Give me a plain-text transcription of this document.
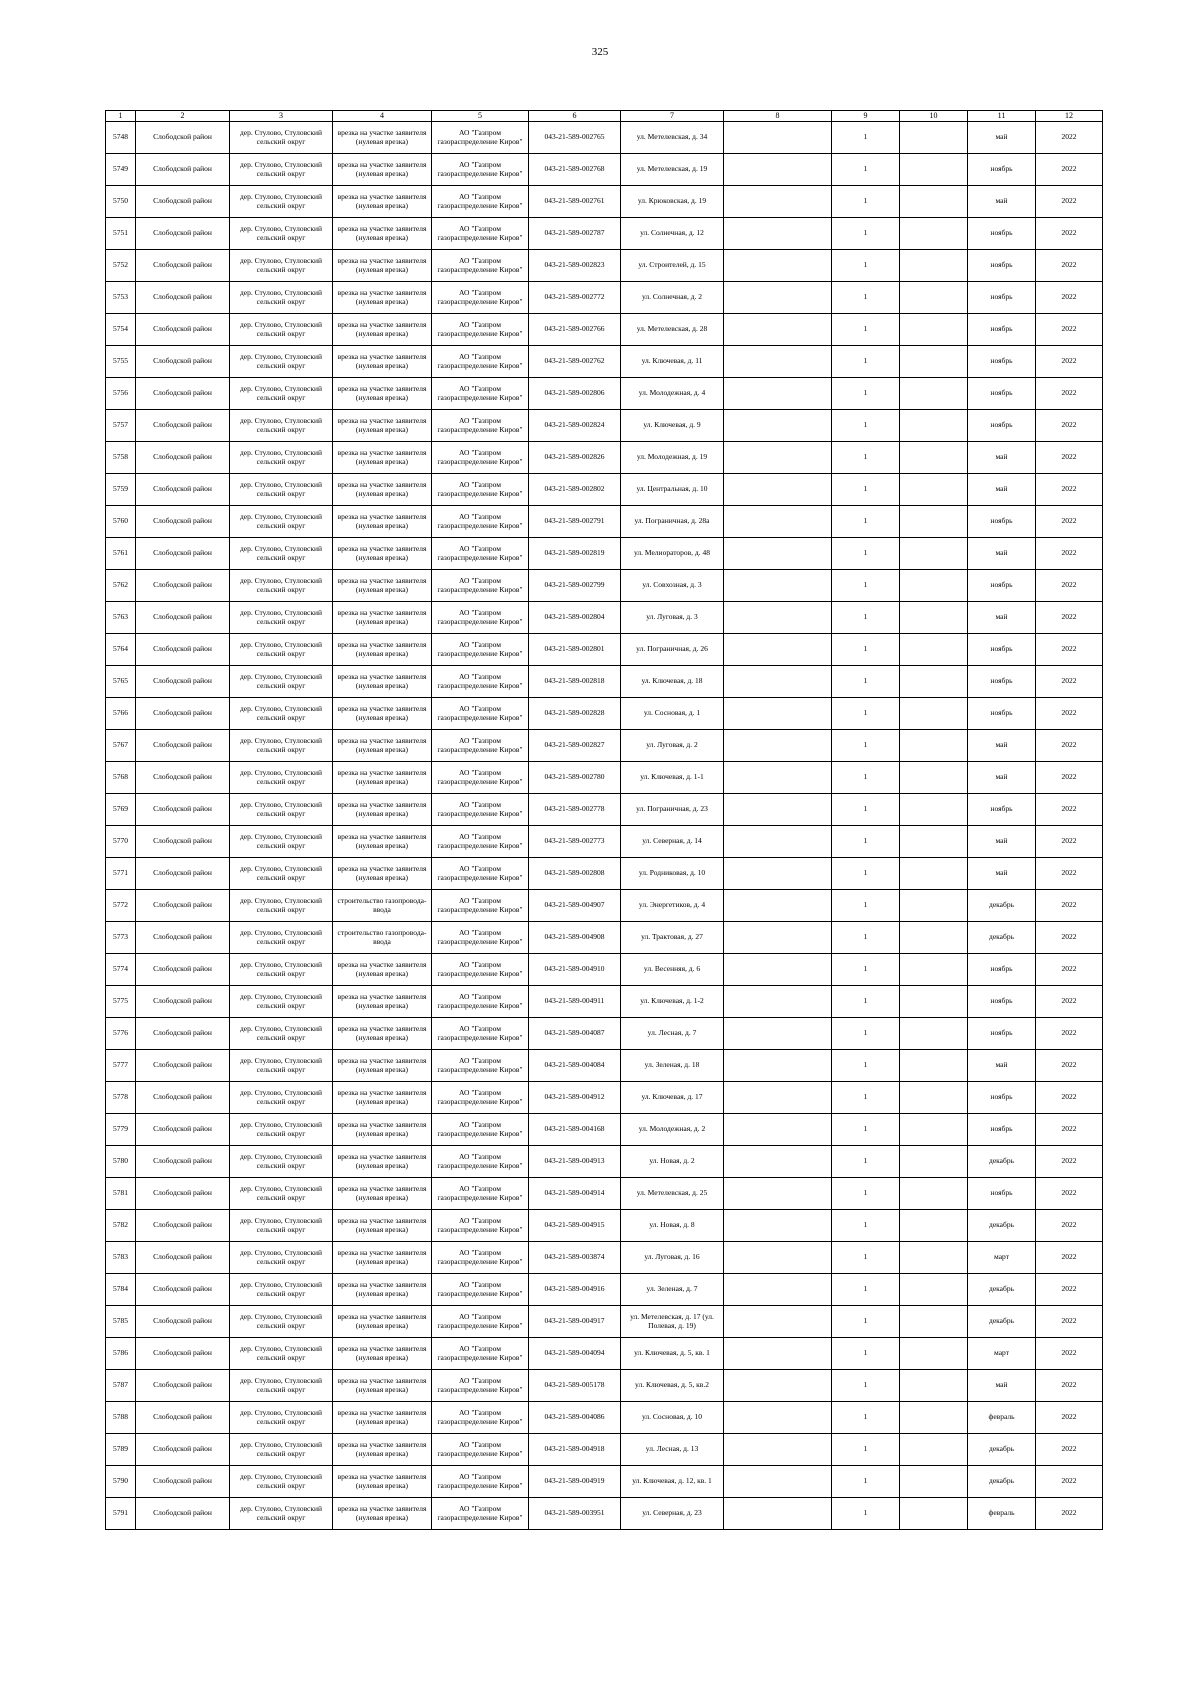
325
1	2	3	4	5	6	7	8	9	10	11	12
5748	Слободской район	дер. Стулово, Стуловский сельский округ	врезка на участке заявителя (нулевая врезка)	АО "Газпром газораспределение Киров"	043-21-589-002765	ул. Метелевская, д. 34		1		май	2022
5749	Слободской район	дер. Стулово, Стуловский сельский округ	врезка на участке заявителя (нулевая врезка)	АО "Газпром газораспределение Киров"	043-21-589-002768	ул. Метелевская, д. 19		1		ноябрь	2022
5750	Слободской район	дер. Стулово, Стуловский сельский округ	врезка на участке заявителя (нулевая врезка)	АО "Газпром газораспределение Киров"	043-21-589-002761	ул. Крюковская, д. 19		1		май	2022
5751	Слободской район	дер. Стулово, Стуловский сельский округ	врезка на участке заявителя (нулевая врезка)	АО "Газпром газораспределение Киров"	043-21-589-002787	ул. Солнечная, д. 12		1		ноябрь	2022
5752	Слободской район	дер. Стулово, Стуловский сельский округ	врезка на участке заявителя (нулевая врезка)	АО "Газпром газораспределение Киров"	043-21-589-002823	ул. Строителей, д. 15		1		ноябрь	2022
5753	Слободской район	дер. Стулово, Стуловский сельский округ	врезка на участке заявителя (нулевая врезка)	АО "Газпром газораспределение Киров"	043-21-589-002772	ул. Солнечная, д. 2		1		ноябрь	2022
5754	Слободской район	дер. Стулово, Стуловский сельский округ	врезка на участке заявителя (нулевая врезка)	АО "Газпром газораспределение Киров"	043-21-589-002766	ул. Метелевская, д. 28		1		ноябрь	2022
5755	Слободской район	дер. Стулово, Стуловский сельский округ	врезка на участке заявителя (нулевая врезка)	АО "Газпром газораспределение Киров"	043-21-589-002762	ул. Ключевая, д. 11		1		ноябрь	2022
5756	Слободской район	дер. Стулово, Стуловский сельский округ	врезка на участке заявителя (нулевая врезка)	АО "Газпром газораспределение Киров"	043-21-589-002806	ул. Молодежная, д. 4		1		ноябрь	2022
5757	Слободской район	дер. Стулово, Стуловский сельский округ	врезка на участке заявителя (нулевая врезка)	АО "Газпром газораспределение Киров"	043-21-589-002824	ул. Ключевая, д. 9		1		ноябрь	2022
5758	Слободской район	дер. Стулово, Стуловский сельский округ	врезка на участке заявителя (нулевая врезка)	АО "Газпром газораспределение Киров"	043-21-589-002826	ул. Молодежная, д. 19		1		май	2022
5759	Слободской район	дер. Стулово, Стуловский сельский округ	врезка на участке заявителя (нулевая врезка)	АО "Газпром газораспределение Киров"	043-21-589-002802	ул. Центральная, д. 10		1		май	2022
5760	Слободской район	дер. Стулово, Стуловский сельский округ	врезка на участке заявителя (нулевая врезка)	АО "Газпром газораспределение Киров"	043-21-589-002791	ул. Пограничная, д. 28а		1		ноябрь	2022
5761	Слободской район	дер. Стулово, Стуловский сельский округ	врезка на участке заявителя (нулевая врезка)	АО "Газпром газораспределение Киров"	043-21-589-002819	ул. Мелиораторов, д. 48		1		май	2022
5762	Слободской район	дер. Стулово, Стуловский сельский округ	врезка на участке заявителя (нулевая врезка)	АО "Газпром газораспределение Киров"	043-21-589-002799	ул. Совхозная, д. 3		1		ноябрь	2022
5763	Слободской район	дер. Стулово, Стуловский сельский округ	врезка на участке заявителя (нулевая врезка)	АО "Газпром газораспределение Киров"	043-21-589-002804	ул. Луговая, д. 3		1		май	2022
5764	Слободской район	дер. Стулово, Стуловский сельский округ	врезка на участке заявителя (нулевая врезка)	АО "Газпром газораспределение Киров"	043-21-589-002801	ул. Пограничная, д. 26		1		ноябрь	2022
5765	Слободской район	дер. Стулово, Стуловский сельский округ	врезка на участке заявителя (нулевая врезка)	АО "Газпром газораспределение Киров"	043-21-589-002818	ул. Ключевая, д. 18		1		ноябрь	2022
5766	Слободской район	дер. Стулово, Стуловский сельский округ	врезка на участке заявителя (нулевая врезка)	АО "Газпром газораспределение Киров"	043-21-589-002828	ул. Сосновая, д. 1		1		ноябрь	2022
5767	Слободской район	дер. Стулово, Стуловский сельский округ	врезка на участке заявителя (нулевая врезка)	АО "Газпром газораспределение Киров"	043-21-589-002827	ул. Луговая, д. 2		1		май	2022
5768	Слободской район	дер. Стулово, Стуловский сельский округ	врезка на участке заявителя (нулевая врезка)	АО "Газпром газораспределение Киров"	043-21-589-002780	ул. Ключевая, д. 1-1		1		май	2022
5769	Слободской район	дер. Стулово, Стуловский сельский округ	врезка на участке заявителя (нулевая врезка)	АО "Газпром газораспределение Киров"	043-21-589-002778	ул. Пограничная, д. 23		1		ноябрь	2022
5770	Слободской район	дер. Стулово, Стуловский сельский округ	врезка на участке заявителя (нулевая врезка)	АО "Газпром газораспределение Киров"	043-21-589-002773	ул. Северная, д. 14		1		май	2022
5771	Слободской район	дер. Стулово, Стуловский сельский округ	врезка на участке заявителя (нулевая врезка)	АО "Газпром газораспределение Киров"	043-21-589-002808	ул. Родниковая, д. 10		1		май	2022
5772	Слободской район	дер. Стулово, Стуловский сельский округ	строительство газопровода-ввода	АО "Газпром газораспределение Киров"	043-21-589-004907	ул. Энергетиков, д. 4		1		декабрь	2022
5773	Слободской район	дер. Стулово, Стуловский сельский округ	строительство газопровода-ввода	АО "Газпром газораспределение Киров"	043-21-589-004908	ул. Трактовая, д. 27		1		декабрь	2022
5774	Слободской район	дер. Стулово, Стуловский сельский округ	врезка на участке заявителя (нулевая врезка)	АО "Газпром газораспределение Киров"	043-21-589-004910	ул. Весенняя, д. 6		1		ноябрь	2022
5775	Слободской район	дер. Стулово, Стуловский сельский округ	врезка на участке заявителя (нулевая врезка)	АО "Газпром газораспределение Киров"	043-21-589-004911	ул. Ключевая, д. 1-2		1		ноябрь	2022
5776	Слободской район	дер. Стулово, Стуловский сельский округ	врезка на участке заявителя (нулевая врезка)	АО "Газпром газораспределение Киров"	043-21-589-004087	ул. Лесная, д. 7		1		ноябрь	2022
5777	Слободской район	дер. Стулово, Стуловский сельский округ	врезка на участке заявителя (нулевая врезка)	АО "Газпром газораспределение Киров"	043-21-589-004084	ул. Зеленая, д. 18		1		май	2022
5778	Слободской район	дер. Стулово, Стуловский сельский округ	врезка на участке заявителя (нулевая врезка)	АО "Газпром газораспределение Киров"	043-21-589-004912	ул. Ключевая, д. 17		1		ноябрь	2022
5779	Слободской район	дер. Стулово, Стуловский сельский округ	врезка на участке заявителя (нулевая врезка)	АО "Газпром газораспределение Киров"	043-21-589-004168	ул. Молодежная, д. 2		1		ноябрь	2022
5780	Слободской район	дер. Стулово, Стуловский сельский округ	врезка на участке заявителя (нулевая врезка)	АО "Газпром газораспределение Киров"	043-21-589-004913	ул. Новая, д. 2		1		декабрь	2022
5781	Слободской район	дер. Стулово, Стуловский сельский округ	врезка на участке заявителя (нулевая врезка)	АО "Газпром газораспределение Киров"	043-21-589-004914	ул. Метелевская, д. 25		1		ноябрь	2022
5782	Слободской район	дер. Стулово, Стуловский сельский округ	врезка на участке заявителя (нулевая врезка)	АО "Газпром газораспределение Киров"	043-21-589-004915	ул. Новая, д. 8		1		декабрь	2022
5783	Слободской район	дер. Стулово, Стуловский сельский округ	врезка на участке заявителя (нулевая врезка)	АО "Газпром газораспределение Киров"	043-21-589-003874	ул. Луговая, д. 16		1		март	2022
5784	Слободской район	дер. Стулово, Стуловский сельский округ	врезка на участке заявителя (нулевая врезка)	АО "Газпром газораспределение Киров"	043-21-589-004916	ул. Зеленая, д. 7		1		декабрь	2022
5785	Слободской район	дер. Стулово, Стуловский сельский округ	врезка на участке заявителя (нулевая врезка)	АО "Газпром газораспределение Киров"	043-21-589-004917	ул. Метелевская, д. 17 (ул. Полевая, д. 19)		1		декабрь	2022
5786	Слободской район	дер. Стулово, Стуловский сельский округ	врезка на участке заявителя (нулевая врезка)	АО "Газпром газораспределение Киров"	043-21-589-004094	ул. Ключевая, д. 5, кв. 1		1		март	2022
5787	Слободской район	дер. Стулово, Стуловский сельский округ	врезка на участке заявителя (нулевая врезка)	АО "Газпром газораспределение Киров"	043-21-589-005178	ул. Ключевая, д. 5, кв.2		1		май	2022
5788	Слободской район	дер. Стулово, Стуловский сельский округ	врезка на участке заявителя (нулевая врезка)	АО "Газпром газораспределение Киров"	043-21-589-004086	ул. Сосновая, д. 10		1		февраль	2022
5789	Слободской район	дер. Стулово, Стуловский сельский округ	врезка на участке заявителя (нулевая врезка)	АО "Газпром газораспределение Киров"	043-21-589-004918	ул. Лесная, д. 13		1		декабрь	2022
5790	Слободской район	дер. Стулово, Стуловский сельский округ	врезка на участке заявителя (нулевая врезка)	АО "Газпром газораспределение Киров"	043-21-589-004919	ул. Ключевая, д. 12, кв. 1		1		декабрь	2022
5791	Слободской район	дер. Стулово, Стуловский сельский округ	врезка на участке заявителя (нулевая врезка)	АО "Газпром газораспределение Киров"	043-21-589-003951	ул. Северная, д. 23		1		февраль	2022
